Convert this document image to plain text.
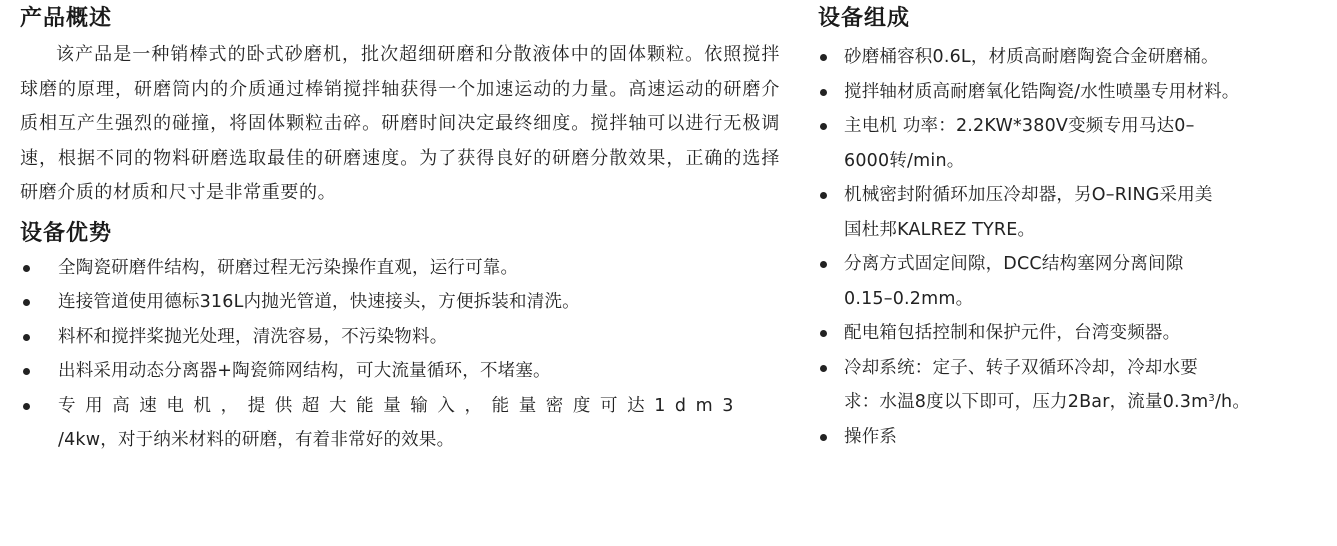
产品概述

该产品是一种销棒式的卧式砂磨机，批次超细研磨和分散液体中的固体颗粒。依照搅拌球磨的原理，研磨筒内的介质通过棒销搅拌轴获得一个加速运动的力量。高速运动的研磨介质相互产生强烈的碰撞，将固体颗粒击碎。研磨时间决定最终细度。搅拌轴可以进行无极调速，根据不同的物料研磨选取最佳的研磨速度。为了获得良好的研磨分散效果，正确的选择研磨介质的材质和尺寸是非常重要的。

设备优势
全陶瓷研磨件结构，研磨过程无污染操作直观，运行可靠。
连接管道使用德标316L内抛光管道，快速接头，方便拆装和清洗。
料杯和搅拌桨抛光处理，清洗容易，不污染物料。
出料采用动态分离器+陶瓷筛网结构，可大流量循环，不堵塞。
专用高速电机，提供超大能量输入，能量密度可达1dm3
/4kw，对于纳米材料的研磨，有着非常好的效果。
设备组成
砂磨桶容积0.6L，材质高耐磨陶瓷合金研磨桶。
搅拌轴材质高耐磨氧化锆陶瓷/水性喷墨专用材料。
主电机 功率：2.2KW*380V变频专用马达0–
6000转/min。
机械密封附循环加压冷却器，另O–RING采用美
国杜邦KALREZ TYRE。
分离方式固定间隙，DCC结构塞网分离间隙
0.15–0.2mm。
配电箱包括控制和保护元件，台湾变频器。
冷却系统：定子、转子双循环冷却，冷却水要
求：水温8度以下即可，压力2Bar，流量$0.3m^3/h$。
操作系
